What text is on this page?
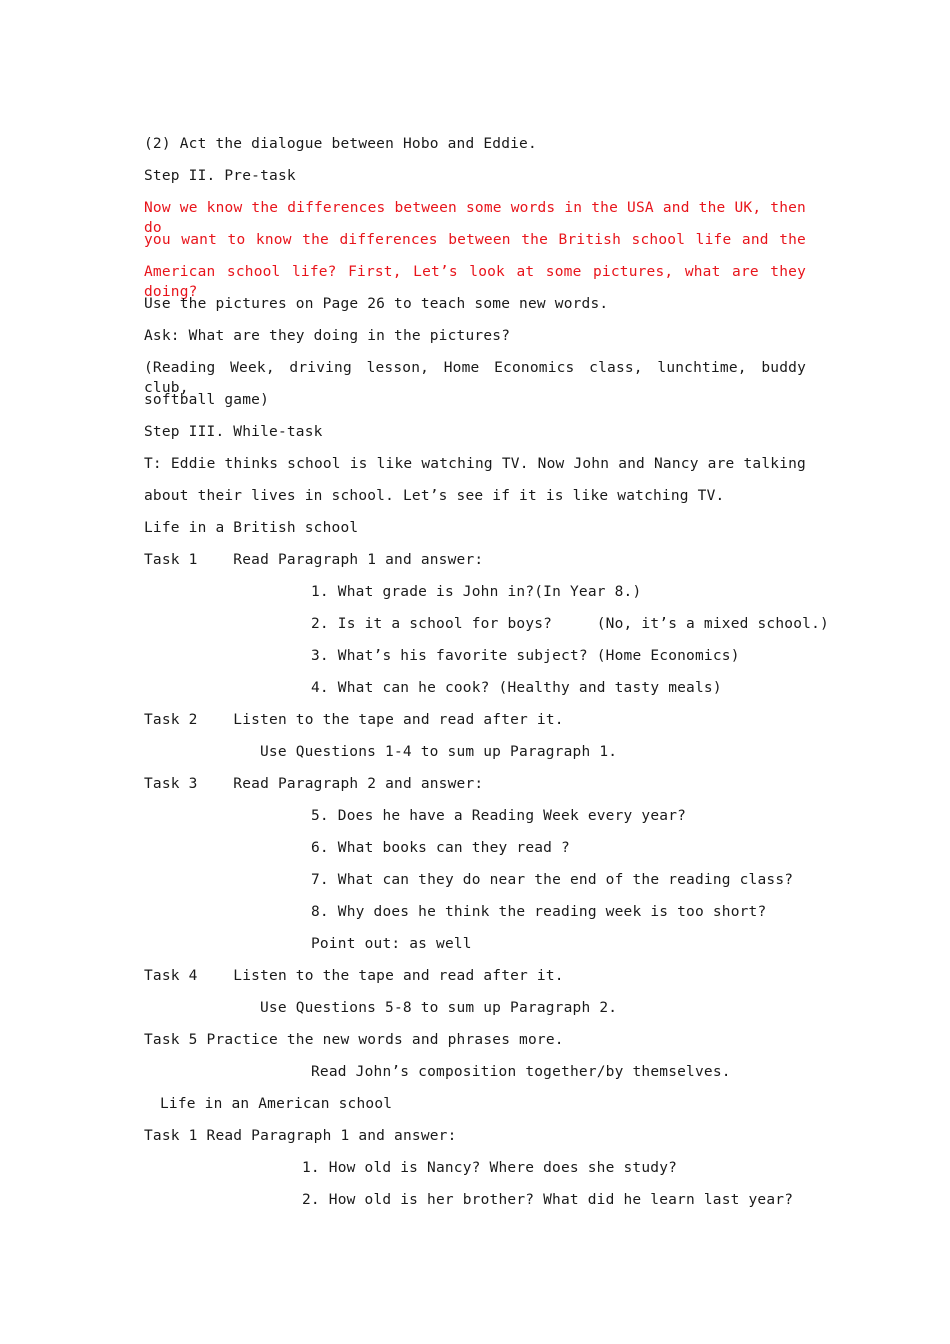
(2) Act the dialogue between Hobo and Eddie.
Step II. Pre-task
Now we know the differences between some words in the USA and the UK, then do
you want to know the differences between the British school life and the
American school life? First, Let’s look at some pictures, what are they doing?
Use the pictures on Page 26 to teach some new words.
Ask: What are they doing in the pictures?
(Reading Week, driving lesson, Home Economics class, lunchtime, buddy club,
softball game)
Step III. While-task
T: Eddie thinks school is like watching TV. Now John and Nancy are talking
about their lives in school. Let’s see if it is like watching TV.
Life in a British school
Task 1    Read Paragraph 1 and answer:
1. What grade is John in?(In Year 8.)
2. Is it a school for boys?     (No, it’s a mixed school.)
3. What’s his favorite subject? (Home Economics)
4. What can he cook? (Healthy and tasty meals)
Task 2    Listen to the tape and read after it.
Use Questions 1-4 to sum up Paragraph 1.
Task 3    Read Paragraph 2 and answer:
5. Does he have a Reading Week every year?
6. What books can they read ?
7. What can they do near the end of the reading class?
8. Why does he think the reading week is too short?
Point out: as well
Task 4    Listen to the tape and read after it.
Use Questions 5-8 to sum up Paragraph 2.
Task 5 Practice the new words and phrases more.
Read John’s composition together/by themselves.
Life in an American school
Task 1 Read Paragraph 1 and answer:
1. How old is Nancy? Where does she study?
2. How old is her brother? What did he learn last year?
